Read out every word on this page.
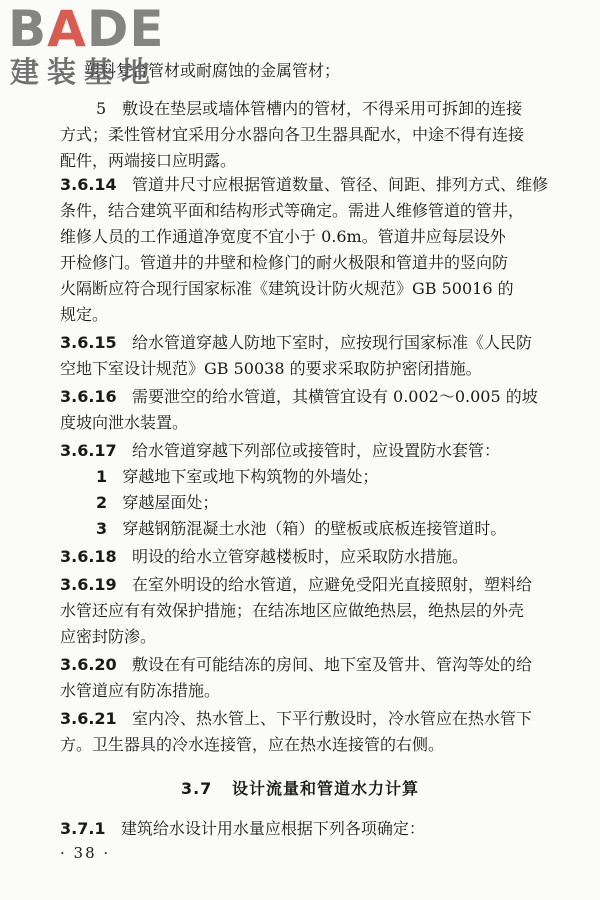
BADE
建装基地
塑料复合管材或耐腐蚀的金属管材；
5　敷设在垫层或墙体管槽内的管材，不得采用可拆卸的连接
方式；柔性管材宜采用分水器向各卫生器具配水，中途不得有连接
配件，两端接口应明露。
3.6.14 管道井尺寸应根据管道数量、管径、间距、排列方式、维修
条件，结合建筑平面和结构形式等确定。需进人维修管道的管井，
维修人员的工作通道净宽度不宜小于 0.6m。管道井应每层设外
开检修门。管道井的井壁和检修门的耐火极限和管道井的竖向防
火隔断应符合现行国家标准《建筑设计防火规范》GB 50016 的
规定。
3.6.15 给水管道穿越人防地下室时，应按现行国家标准《人民防
空地下室设计规范》GB 50038 的要求采取防护密闭措施。
3.6.16 需要泄空的给水管道，其横管宜设有 0.002～0.005 的坡
度坡向泄水装置。
3.6.17 给水管道穿越下列部位或接管时，应设置防水套管：
1 穿越地下室或地下构筑物的外墙处；
2 穿越屋面处；
3 穿越钢筋混凝土水池（箱）的壁板或底板连接管道时。
3.6.18 明设的给水立管穿越楼板时，应采取防水措施。
3.6.19 在室外明设的给水管道，应避免受阳光直接照射，塑料给
水管还应有有效保护措施；在结冻地区应做绝热层，绝热层的外壳
应密封防渗。
3.6.20 敷设在有可能结冻的房间、地下室及管井、管沟等处的给
水管道应有防冻措施。
3.6.21 室内冷、热水管上、下平行敷设时，冷水管应在热水管下
方。卫生器具的冷水连接管，应在热水连接管的右侧。
3.7 设计流量和管道水力计算
3.7.1 建筑给水设计用水量应根据下列各项确定：
· 38 ·
